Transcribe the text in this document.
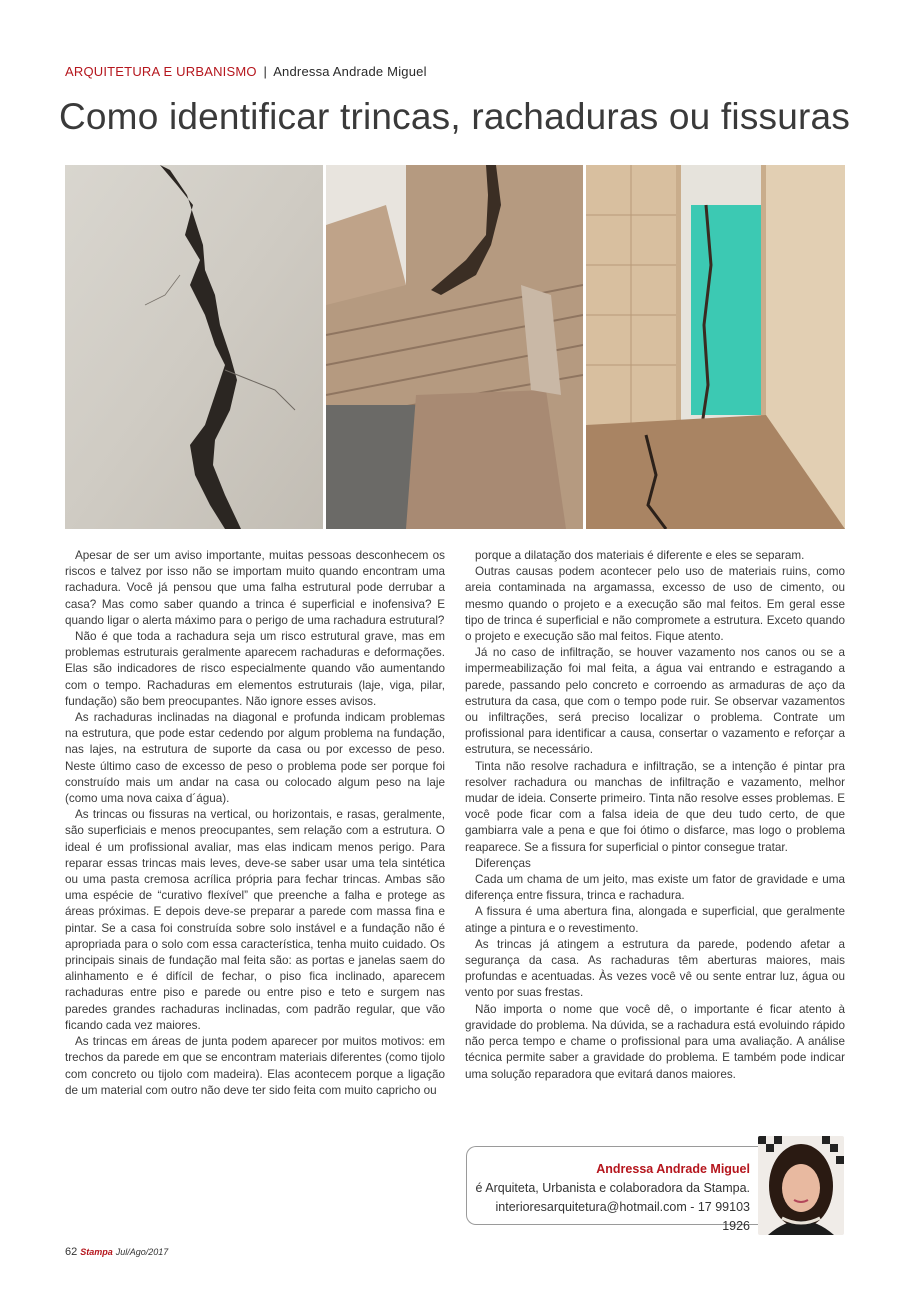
ARQUITETURA E URBANISMO | Andressa Andrade Miguel
Como identificar trincas, rachaduras ou fissuras

Apesar de ser um aviso importante, muitas pessoas desconhecem os riscos e talvez por isso não se importam muito quando encontram uma rachadura. Você já pensou que uma falha estrutural pode derrubar a casa? Mas como saber quando a trinca é superficial e inofensiva? E quando ligar o alerta máximo para o perigo de uma rachadura estrutural?

Não é que toda a rachadura seja um risco estrutural grave, mas em problemas estruturais geralmente aparecem rachaduras e deformações. Elas são indicadores de risco especialmente quando vão aumentando com o tempo. Rachaduras em elementos estruturais (laje, viga, pilar, fundação) são bem preocupantes. Não ignore esses avisos.

As rachaduras inclinadas na diagonal e profunda indicam problemas na estrutura, que pode estar cedendo por algum problema na fundação, nas lajes, na estrutura de suporte da casa ou por excesso de peso. Neste último caso de excesso de peso o problema pode ser porque foi construído mais um andar na casa ou colocado algum peso na laje (como uma nova caixa d´água).

As trincas ou fissuras na vertical, ou horizontais, e rasas, geralmente, são superficiais e menos preocupantes, sem relação com a estrutura. O ideal é um profissional avaliar, mas elas indicam menos perigo. Para reparar essas trincas mais leves, deve-se saber usar uma tela sintética ou uma pasta cremosa acrílica própria para fechar trincas. Ambas são uma espécie de “curativo flexível” que preenche a falha e protege as áreas próximas. E depois deve-se preparar a parede com massa fina e pintar. Se a casa foi construída sobre solo instável e a fundação não é apropriada para o solo com essa característica, tenha muito cuidado. Os principais sinais de fundação mal feita são: as portas e janelas saem do alinhamento e é difícil de fechar, o piso fica inclinado, aparecem rachaduras entre piso e parede ou entre piso e teto e surgem nas paredes grandes rachaduras inclinadas, com padrão regular, que vão ficando cada vez maiores.

As trincas em áreas de junta podem aparecer por muitos motivos: em trechos da parede em que se encontram materiais diferentes (como tijolo com concreto ou tijolo com madeira). Elas acontecem porque a ligação de um material com outro não deve ter sido feita com muito capricho ou

porque a dilatação dos materiais é diferente e eles se separam.

Outras causas podem acontecer pelo uso de materiais ruins, como areia contaminada na argamassa, excesso de uso de cimento, ou mesmo quando o projeto e a execução são mal feitos. Em geral esse tipo de trinca é superficial e não compromete a estrutura. Exceto quando o projeto e execução são mal feitos. Fique atento.

Já no caso de infiltração, se houver vazamento nos canos ou se a impermeabilização foi mal feita, a água vai entrando e estragando a parede, passando pelo concreto e corroendo as armaduras de aço da estrutura da casa, que com o tempo pode ruir. Se observar vazamentos ou infiltrações, será preciso localizar o problema. Contrate um profissional para identificar a causa, consertar o vazamento e reforçar a estrutura, se necessário.

Tinta não resolve rachadura e infiltração, se a intenção é pintar pra resolver rachadura ou manchas de infiltração e vazamento, melhor mudar de ideia. Conserte primeiro. Tinta não resolve esses problemas. E você pode ficar com a falsa ideia de que deu tudo certo, de que gambiarra vale a pena e que foi ótimo o disfarce, mas logo o problema reaparece. Se a fissura for superficial o pintor consegue tratar.

Diferenças

Cada um chama de um jeito, mas existe um fator de gravidade e uma diferença entre fissura, trinca e rachadura.

A fissura é uma abertura fina, alongada e superficial, que geralmente atinge a pintura e o revestimento.

As trincas já atingem a estrutura da parede, podendo afetar a segurança da casa. As rachaduras têm aberturas maiores, mais profundas e acentuadas. Às vezes você vê ou sente entrar luz, água ou vento por suas frestas.

Não importa o nome que você dê, o importante é ficar atento à gravidade do problema. Na dúvida, se a rachadura está evoluindo rápido não perca tempo e chame o profissional para uma avaliação. A análise técnica permite saber a gravidade do problema. E também pode indicar uma solução reparadora que evitará danos maiores.

Andressa Andrade Miguel
é Arquiteta, Urbanista e colaboradora da Stampa.
interioresarquitetura@hotmail.com - 17 99103 1926
62 Stampa Jul/Ago/2017
